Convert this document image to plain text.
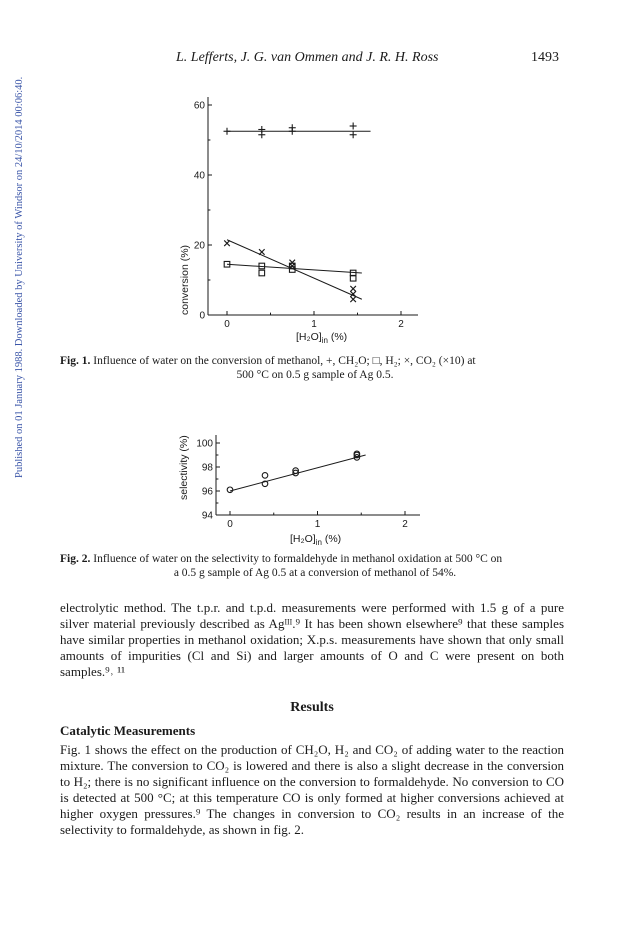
L. Lefferts, J. G. van Ommen and J. R. H. Ross	1493
Published on 01 January 1988. Downloaded by University of Windsor on 24/10/2014 00:06:40.	conversion (%)
$[H_2O]_{in}$ (%)
0
20
40
60
0	1	2
Fig. 1. Influence of water on the conversion of methanol, +, CH₂O; □, H₂; ×, CO₂ (×10) at
500 °C on 0.5 g sample of Ag 0.5.
selectivity (%)
$[H_2O]_{in}$ (%)
94
96
98
100
0	1	2
Fig. 2. Influence of water on the selectivity to formaldehyde in methanol oxidation at 500 °C on
a 0.5 g sample of Ag 0.5 at a conversion of methanol of 54%.

electrolytic method. The t.p.r. and t.p.d. measurements were performed with 1.5 g of a pure silver material previously described as Agᴵᴵᴵ.⁹ It has been shown elsewhere⁹ that these samples have similar properties in methanol oxidation; X.p.s. measurements have shown that only small amounts of impurities (Cl and Si) and larger amounts of O and C were present on both samples.⁹˒ ¹¹

Results
Catalytic Measurements

Fig. 1 shows the effect on the production of CH₂O, H₂ and CO₂ of adding water to the reaction mixture. The conversion to CO₂ is lowered and there is also a slight decrease in the conversion to H₂; there is no significant influence on the conversion to formaldehyde. No conversion to CO is detected at 500 °C; at this temperature CO is only formed at higher conversions achieved at higher oxygen pressures.⁹ The changes in conversion to CO₂ results in an increase of the selectivity to formaldehyde, as shown in fig. 2.
